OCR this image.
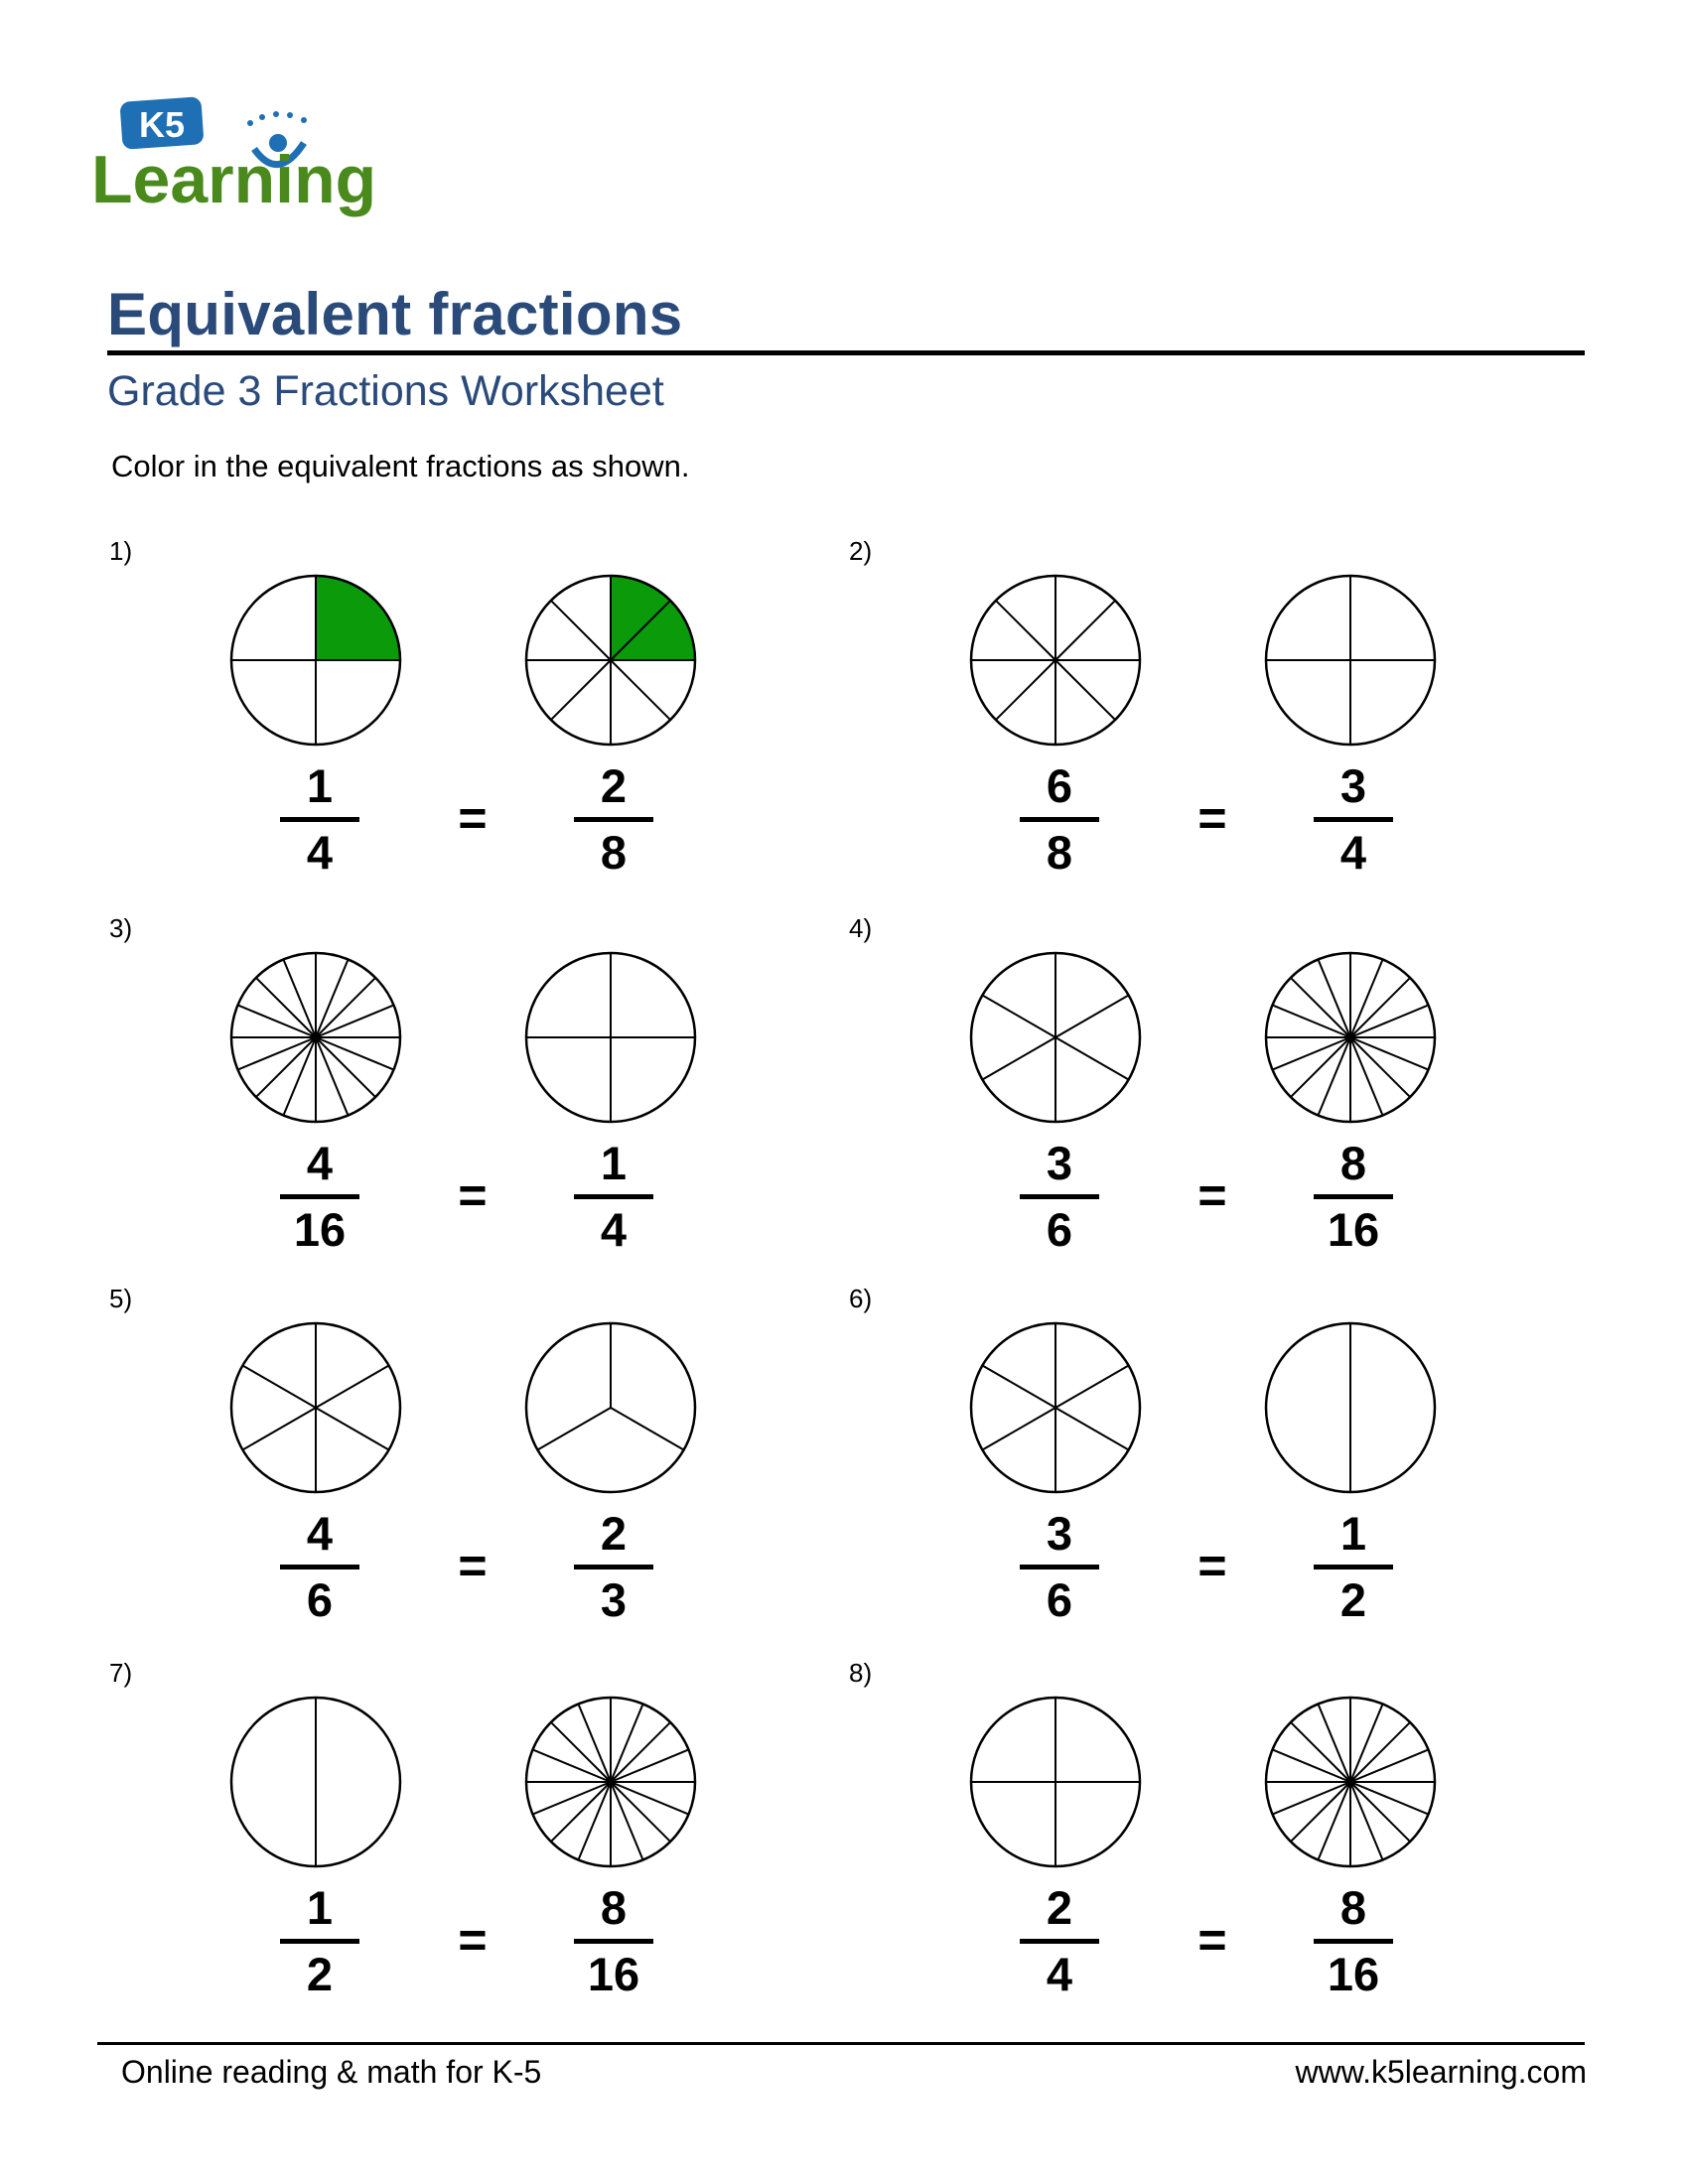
K5
Learning
Equivalent fractions
Grade 3 Fractions Worksheet
Color in the equivalent fractions as shown.
1)
1
4
2
8
=
2)
6
8
3
4
=
3)
4
16
1
4
=
4)
3
6
8
16
=
5)
4
6
2
3
=
6)
3
6
1
2
=
7)
1
2
8
16
=
8)
2
4
8
16
=
Online reading & math for K-5	www.k5learning.com
